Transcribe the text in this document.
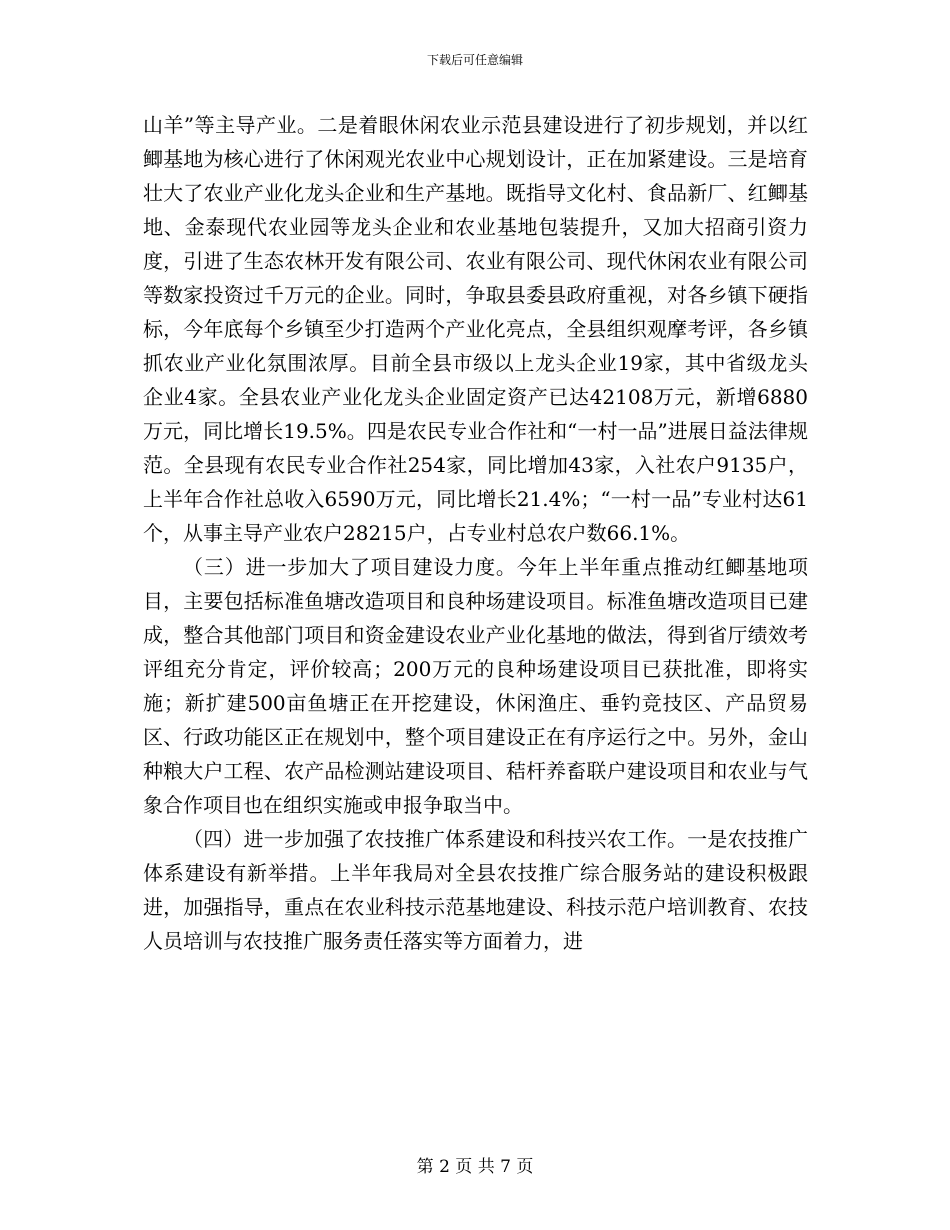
下载后可任意编辑

山羊”等主导产业。二是着眼休闲农业示范县建设进行了初步规划，并以红鲫基地为核心进行了休闲观光农业中心规划设计，正在加紧建设。三是培育壮大了农业产业化龙头企业和生产基地。既指导文化村、食品新厂、红鲫基地、金泰现代农业园等龙头企业和农业基地包装提升，又加大招商引资力度，引进了生态农林开发有限公司、农业有限公司、现代休闲农业有限公司等数家投资过千万元的企业。同时，争取县委县政府重视，对各乡镇下硬指标，今年底每个乡镇至少打造两个产业化亮点，全县组织观摩考评，各乡镇抓农业产业化氛围浓厚。目前全县市级以上龙头企业19家，其中省级龙头企业4家。全县农业产业化龙头企业固定资产已达42108万元，新增6880万元，同比增长19.5%。四是农民专业合作社和“一村一品”进展日益法律规范。全县现有农民专业合作社254家，同比增加43家，入社农户9135户，上半年合作社总收入6590万元，同比增长21.4%；“一村一品”专业村达61个，从事主导产业农户28215户，占专业村总农户数66.1%。

（三）进一步加大了项目建设力度。今年上半年重点推动红鲫基地项目，主要包括标准鱼塘改造项目和良种场建设项目。标准鱼塘改造项目已建成，整合其他部门项目和资金建设农业产业化基地的做法，得到省厅绩效考评组充分肯定，评价较高；200万元的良种场建设项目已获批准，即将实施；新扩建500亩鱼塘正在开挖建设，休闲渔庄、垂钓竞技区、产品贸易区、行政功能区正在规划中，整个项目建设正在有序运行之中。另外，金山种粮大户工程、农产品检测站建设项目、秸杆养畜联户建设项目和农业与气象合作项目也在组织实施或申报争取当中。

（四）进一步加强了农技推广体系建设和科技兴农工作。一是农技推广体系建设有新举措。上半年我局对全县农技推广综合服务站的建设积极跟进，加强指导，重点在农业科技示范基地建设、科技示范户培训教育、农技人员培训与农技推广服务责任落实等方面着力，进

第 2 页 共 7 页
